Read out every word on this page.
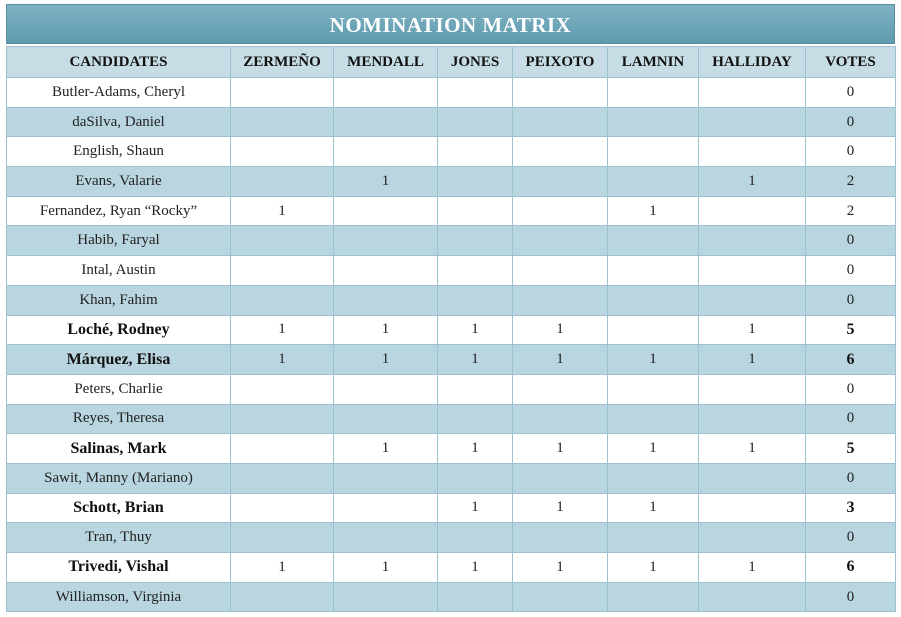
NOMINATION MATRIX
CANDIDATES	ZERMEÑO	MENDALL	JONES	PEIXOTO	LAMNIN	HALLIDAY	VOTES
Butler-Adams, Cheryl							0
daSilva, Daniel							0
English, Shaun							0
Evans, Valarie		1				1	2
Fernandez, Ryan “Rocky”	1				1		2
Habib, Faryal							0
Intal, Austin							0
Khan, Fahim							0
Loché, Rodney	1	1	1	1		1	5
Márquez, Elisa	1	1	1	1	1	1	6
Peters, Charlie							0
Reyes, Theresa							0
Salinas, Mark		1	1	1	1	1	5
Sawit, Manny (Mariano)							0
Schott, Brian			1	1	1		3
Tran, Thuy							0
Trivedi, Vishal	1	1	1	1	1	1	6
Williamson, Virginia							0
